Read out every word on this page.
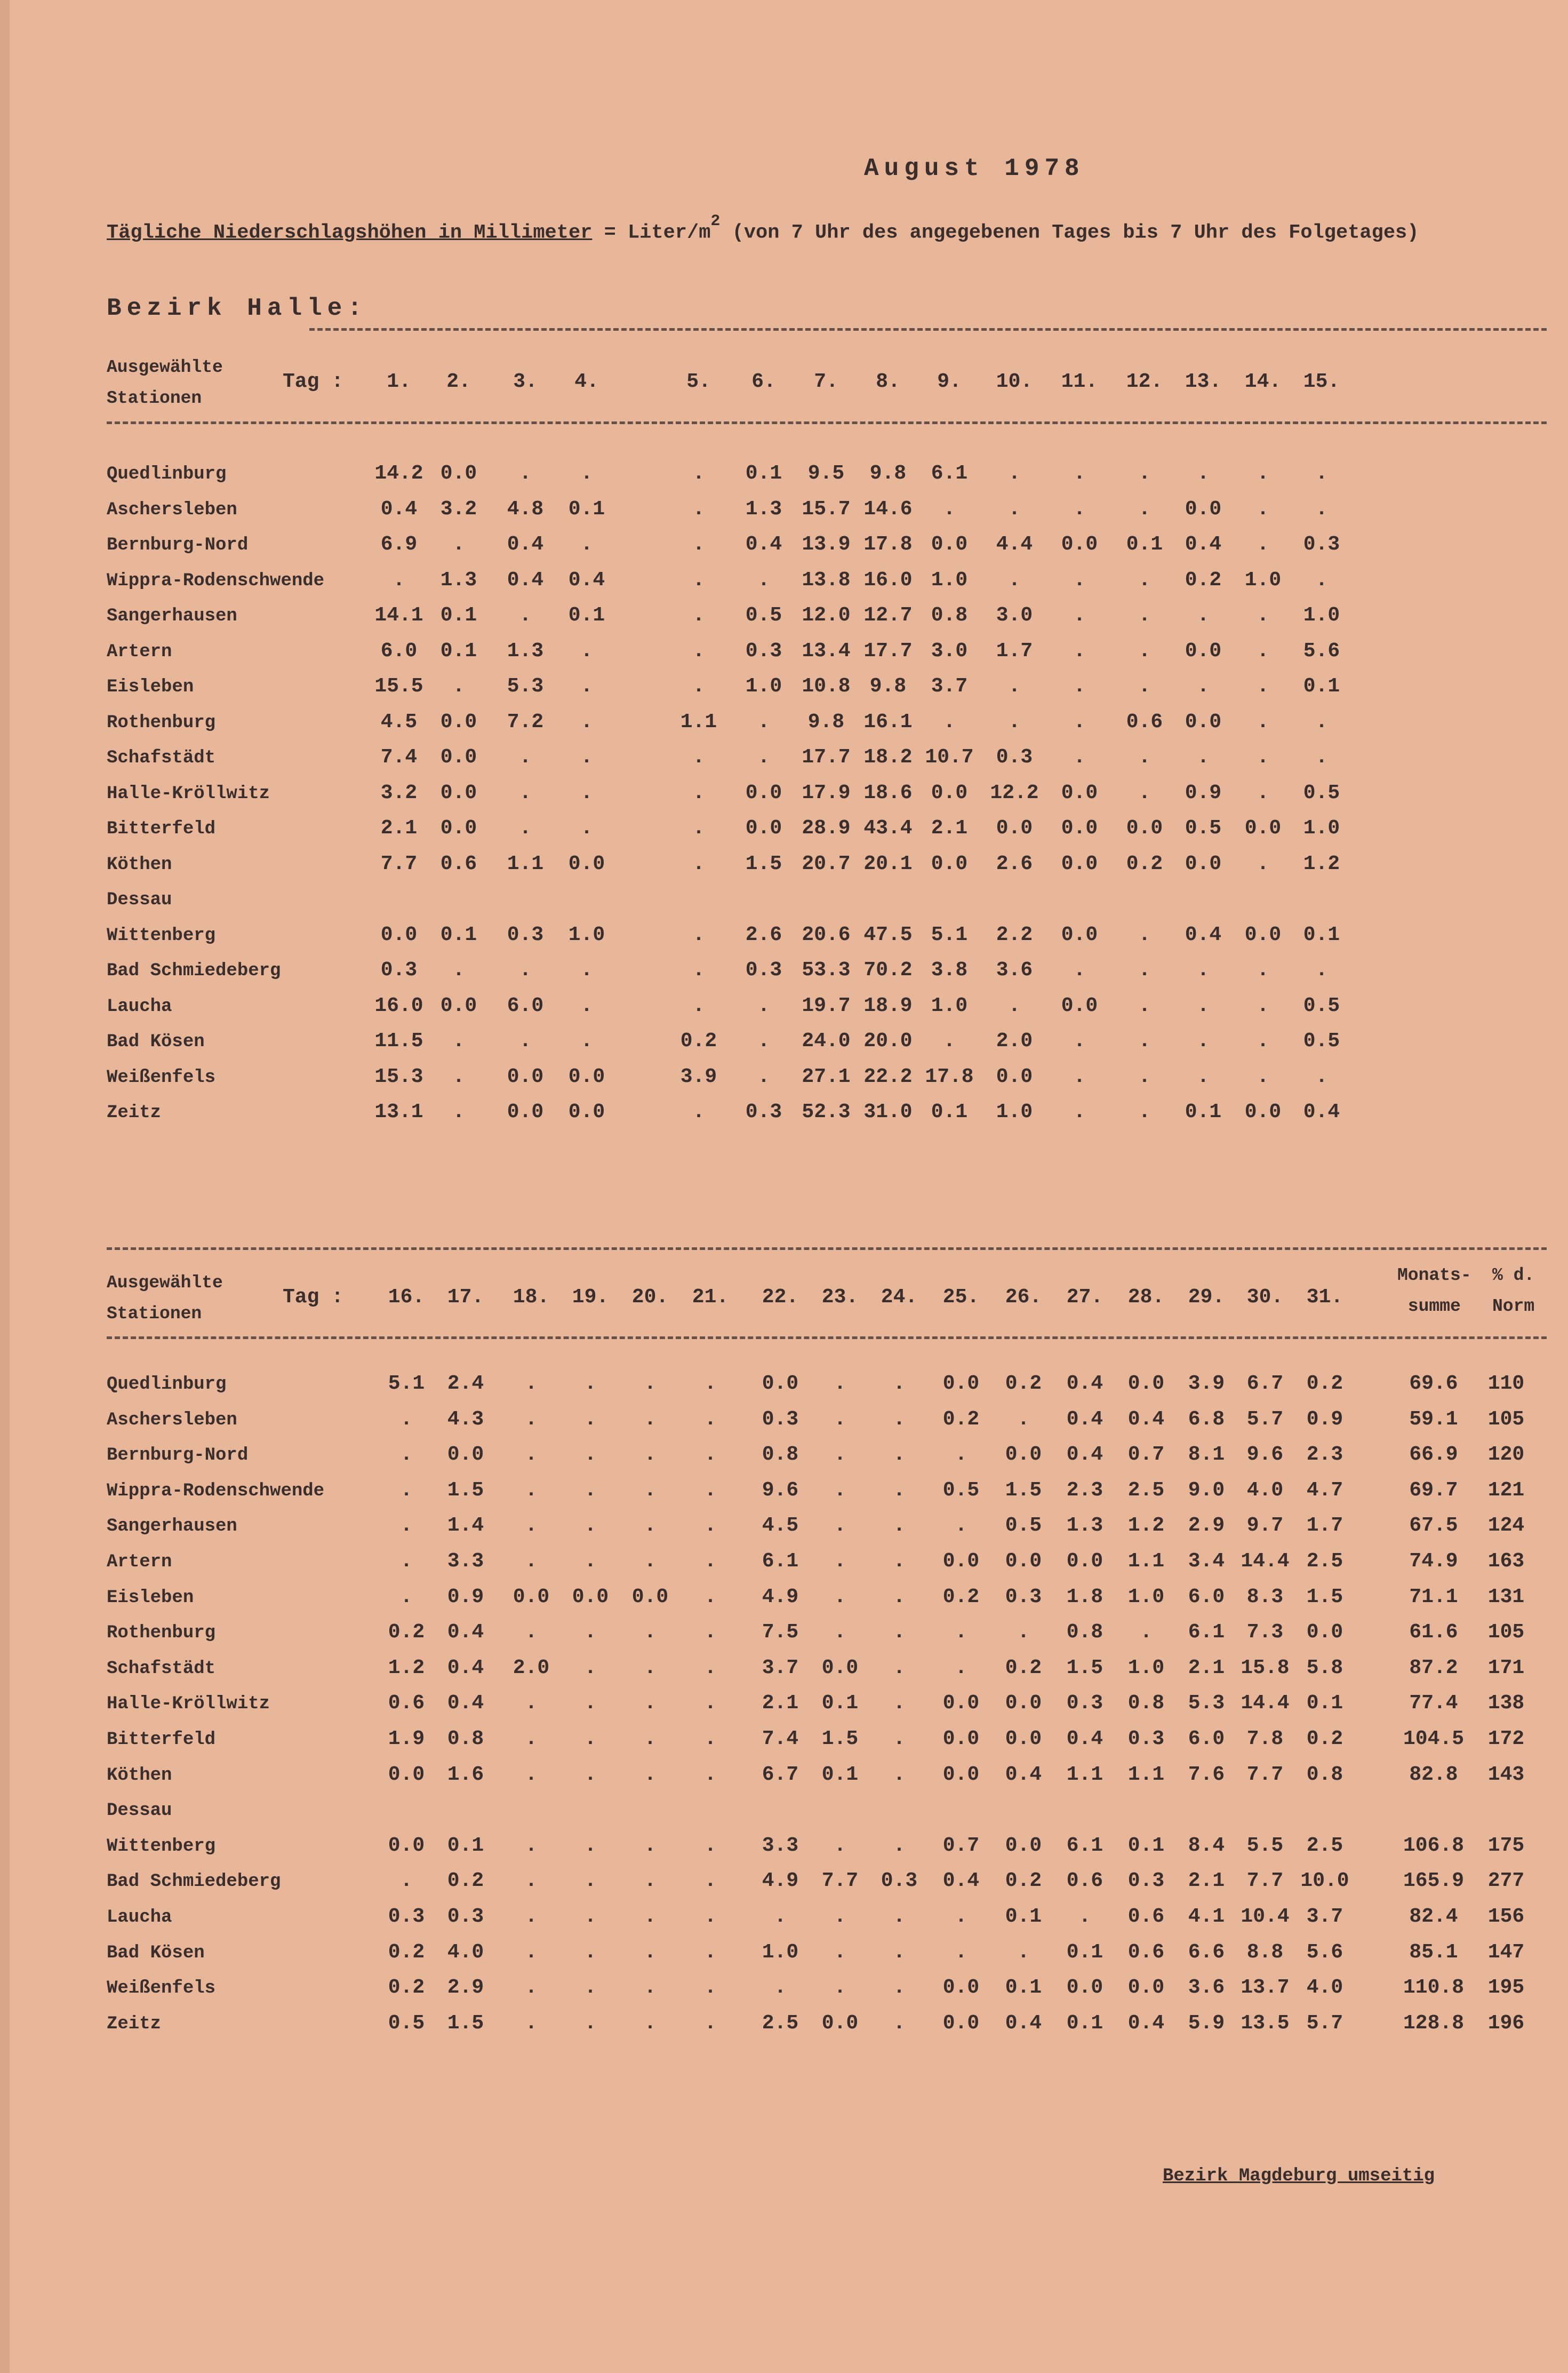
August 1978
Tägliche Niederschlagshöhen in Millimeter = Liter/$m^2$ (von 7 Uhr des angegebenen Tages bis 7 Uhr des Folgetages)
Bezirk Halle:
Ausgewählte
Stationen
Tag :	1.	2.	3.	4.	5.	6.	7.	8.	9.	10.	11.	12.	13.	14.	15.
Quedlinburg	14.2 0.0	.	.	.	0.1	9.5	9.8	6.1	.	.	.	.	.	.
Aschersleben	0.4	3.2	4.8	0.1	.	1.3 15.7 14.6	.	.	.	.	0.0	.	.
Bernburg-Nord	6.9	.	0.4	.	.	0.4 13.9 17.8 0.0	4.4	0.0	0.1	0.4	.	0.3
Wippra-Rodenschwende	.	1.3	0.4	0.4	.	.	13.8 16.0 1.0	.	.	.	0.2	1.0	.
Sangerhausen	14.1 0.1	.	0.1	.	0.5 12.0 12.7 0.8	3.0	.	.	.	.	1.0
Artern	6.0	0.1	1.3	.	.	0.3 13.4 17.7 3.0	1.7	.	.	0.0	.	5.6
Eisleben	15.5	.	5.3	.	.	1.0 10.8 9.8	3.7	.	.	.	.	.	0.1
Rothenburg	4.5	0.0	7.2	.	1.1	.	9.8 16.1	.	.	.	0.6	0.0	.	.
Schafstädt	7.4	0.0	.	.	.	.	17.7 18.2 10.7	0.3	.	.	.	.	.
Halle-Kröllwitz	3.2	0.0	.	.	.	0.0 17.9 18.6 0.0	12.2	0.0	.	0.9	.	0.5
Bitterfeld	2.1	0.0	.	.	.	0.0 28.9 43.4 2.1	0.0	0.0	0.0	0.5	0.0	1.0
Köthen	7.7	0.6	1.1	0.0	.	1.5 20.7 20.1 0.0	2.6	0.0	0.2	0.0	.	1.2
Dessau
Wittenberg	0.0	0.1	0.3	1.0	.	2.6 20.6 47.5 5.1	2.2	0.0	.	0.4	0.0	0.1
Bad Schmiedeberg	0.3	.	.	.	.	0.3 53.3 70.2 3.8	3.6	.	.	.	.	.
Laucha	16.0 0.0	6.0	.	.	.	19.7 18.9 1.0	.	0.0	.	.	.	0.5
Bad Kösen	11.5	.	.	.	0.2	.	24.0 20.0	.	2.0	.	.	.	.	0.5
Weißenfels	15.3	.	0.0	0.0	3.9	.	27.1 22.2 17.8	0.0	.	.	.	.	.
Zeitz	13.1	.	0.0	0.0	.	0.3 52.3 31.0 0.1	1.0	.	.	0.1	0.0	0.4
Ausgewählte
Stationen
Tag :	16.	17.	18.	19.	20.	21.	22.	23.	24.	25.	26.	27.	28.	29.	30.	31.
Monats-
summe
% d.
Norm
Quedlinburg	5.1	2.4	.	.	.	.	0.0	.	.	0.0	0.2	0.4	0.0	3.9	6.7	0.2	69.6	110
Aschersleben	.	4.3	.	.	.	.	0.3	.	.	0.2	.	0.4	0.4	6.8	5.7	0.9	59.1	105
Bernburg-Nord	.	0.0	.	.	.	.	0.8	.	.	.	0.0	0.4	0.7	8.1	9.6	2.3	66.9	120
Wippra-Rodenschwende	.	1.5	.	.	.	.	9.6	.	.	0.5	1.5	2.3	2.5	9.0	4.0	4.7	69.7	121
Sangerhausen	.	1.4	.	.	.	.	4.5	.	.	.	0.5	1.3	1.2	2.9	9.7	1.7	67.5	124
Artern	.	3.3	.	.	.	.	6.1	.	.	0.0	0.0	0.0	1.1	3.4 14.4 2.5	74.9	163
Eisleben	.	0.9	0.0	0.0	0.0	.	4.9	.	.	0.2	0.3	1.8	1.0	6.0	8.3	1.5	71.1	131
Rothenburg	0.2	0.4	.	.	.	.	7.5	.	.	.	.	0.8	.	6.1	7.3	0.0	61.6	105
Schafstädt	1.2	0.4	2.0	.	.	.	3.7	0.0	.	.	0.2	1.5	1.0	2.1 15.8 5.8	87.2	171
Halle-Kröllwitz	0.6	0.4	.	.	.	.	2.1	0.1	.	0.0	0.0	0.3	0.8	5.3 14.4 0.1	77.4	138
Bitterfeld	1.9	0.8	.	.	.	.	7.4	1.5	.	0.0	0.0	0.4	0.3	6.0	7.8	0.2	104.5	172
Köthen	0.0	1.6	.	.	.	.	6.7	0.1	.	0.0	0.4	1.1	1.1	7.6	7.7	0.8	82.8	143
Dessau
Wittenberg	0.0	0.1	.	.	.	.	3.3	.	.	0.7	0.0	6.1	0.1	8.4	5.5	2.5	106.8	175
Bad Schmiedeberg	.	0.2	.	.	.	.	4.9	7.7	0.3	0.4	0.2	0.6	0.3	2.1	7.7 10.0	165.9	277
Laucha	0.3	0.3	.	.	.	.	.	.	.	.	0.1	.	0.6	4.1 10.4 3.7	82.4	156
Bad Kösen	0.2	4.0	.	.	.	.	1.0	.	.	.	.	0.1	0.6	6.6	8.8	5.6	85.1	147
Weißenfels	0.2	2.9	.	.	.	.	.	.	.	0.0	0.1	0.0	0.0	3.6 13.7 4.0	110.8	195
Zeitz	0.5	1.5	.	.	.	.	2.5	0.0	.	0.0	0.4	0.1	0.4	5.9 13.5 5.7	128.8	196
Bezirk Magdeburg umseitig
